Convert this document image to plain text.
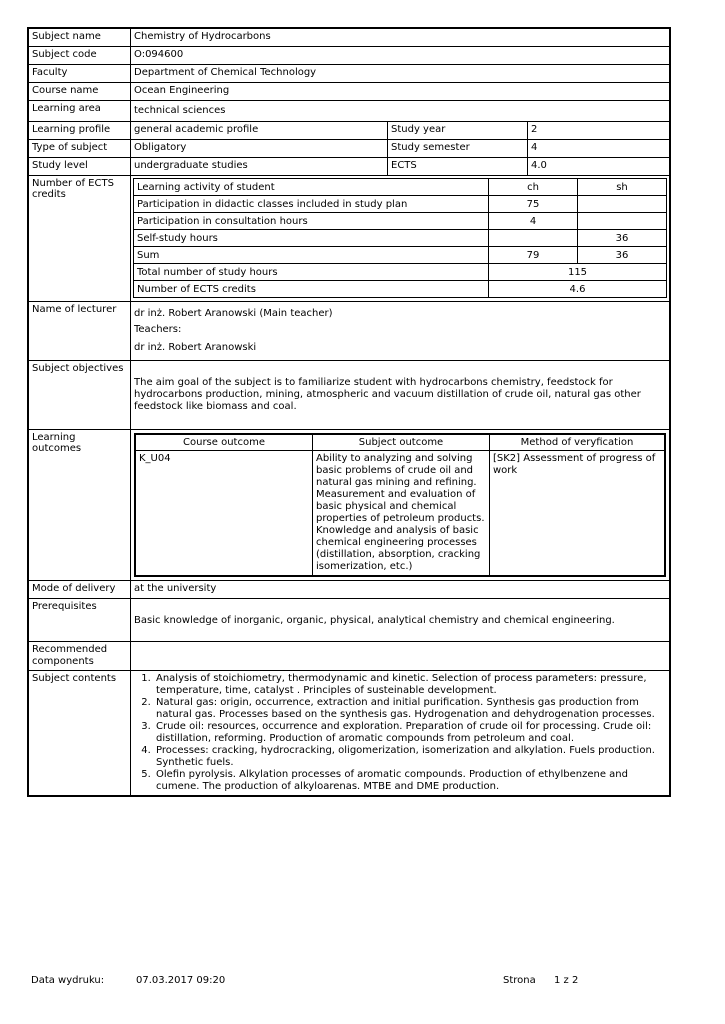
Subject name	Chemistry of Hydrocarbons
Subject code	O:094600
Faculty	Department of Chemical Technology
Course name	Ocean Engineering
Learning area	technical sciences
Learning profile	general academic profile	Study year	2
Type of subject	Obligatory	Study semester	4
Study level	undergraduate studies	ECTS	4.0
Number of ECTS credits
Learning activity of student	ch	sh
Participation in didactic classes included in study plan	75	
Participation in consultation hours	4	
Self-study hours		36
Sum	79	36
Total number of study hours	115	
Number of ECTS credits	4.6	
Name of lecturer	dr inż. Robert Aranowski (Main teacher)
Teachers:
dr inż. Robert Aranowski
Subject objectives
The aim goal of the subject is to familiarize student with hydrocarbons chemistry, feedstock for hydrocarbons production, mining, atmospheric and vacuum distillation of crude oil, natural gas other feedstock like biomass and coal.
Learning outcomes
Course outcome	Subject outcome	Method of veryfication
K_U04	Ability to analyzing and solving basic problems of crude oil and natural gas mining and refining. Measurement and evaluation of basic physical and chemical properties of petroleum products. Knowledge and analysis of basic chemical engineering processes (distillation, absorption, cracking isomerization, etc.)	[SK2] Assessment of progress of work
Mode of delivery	at the university
Prerequisites
Basic knowledge of inorganic, organic, physical, analytical chemistry and chemical engineering.
Recommended components
Subject contents	1. Analysis of stoichiometry, thermodynamic and kinetic. Selection of process parameters: pressure, temperature, time, catalyst . Principles of susteinable development.
2. Natural gas: origin, occurrence, extraction and initial purification. Synthesis gas production from natural gas. Processes based on the synthesis gas. Hydrogenation and dehydrogenation processes.
3. Crude oil: resources, occurrence and exploration. Preparation of crude oil for processing. Crude oil: distillation, reforming. Production of aromatic compounds from petroleum and coal.
4. Processes: cracking, hydrocracking, oligomerization, isomerization and alkylation. Fuels production. Synthetic fuels.
5. Olefin pyrolysis. Alkylation processes of aromatic compounds. Production of ethylbenzene and cumene. The production of alkyloarenas. MTBE and DME production.
Data wydruku:	07.03.2017 09:20	Strona 1 z 2
